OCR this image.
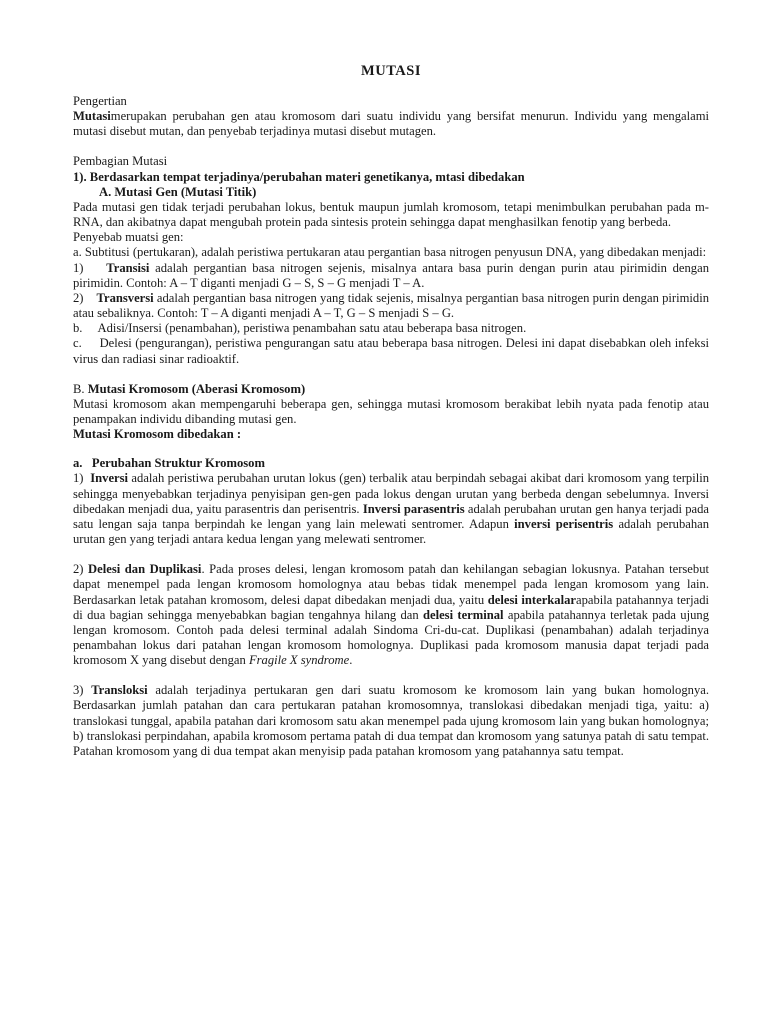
MUTASI

Pengertian

Mutasimerupakan perubahan gen atau kromosom dari suatu individu yang bersifat menurun. Individu yang mengalami mutasi disebut mutan, dan penyebab terjadinya mutasi disebut mutagen.

Pembagian Mutasi

1). Berdasarkan tempat terjadinya/perubahan materi genetikanya, mtasi dibedakan

A. Mutasi Gen (Mutasi Titik)

Pada mutasi gen tidak terjadi perubahan lokus, bentuk maupun jumlah kromosom, tetapi menimbulkan perubahan pada m-RNA, dan akibatnya dapat mengubah protein pada sintesis protein sehingga dapat menghasilkan fenotip yang berbeda.

Penyebab muatsi gen:

a. Subtitusi (pertukaran), adalah peristiwa pertukaran atau pergantian basa nitrogen penyusun DNA, yang dibedakan menjadi:

1)    Transisi adalah pergantian basa nitrogen sejenis, misalnya antara basa purin dengan purin atau pirimidin dengan pirimidin. Contoh: A – T diganti menjadi G – S, S – G menjadi T – A.

2)    Transversi adalah pergantian basa nitrogen yang tidak sejenis, misalnya pergantian basa nitrogen purin dengan pirimidin atau sebaliknya. Contoh: T – A diganti menjadi A – T, G – S menjadi S – G.

b.     Adisi/Insersi (penambahan), peristiwa penambahan satu atau beberapa basa nitrogen.

c.     Delesi (pengurangan), peristiwa pengurangan satu atau beberapa basa nitrogen. Delesi ini dapat disebabkan oleh infeksi virus dan radiasi sinar radioaktif.

B. Mutasi Kromosom (Aberasi Kromosom)

Mutasi kromosom akan mempengaruhi beberapa gen, sehingga mutasi kromosom berakibat lebih nyata pada fenotip atau penampakan individu dibanding mutasi gen.

Mutasi Kromosom dibedakan :

a.   Perubahan Struktur Kromosom

1)  Inversi adalah peristiwa perubahan urutan lokus (gen) terbalik atau berpindah sebagai akibat dari kromosom yang terpilin sehingga menyebabkan terjadinya penyisipan gen-gen pada lokus dengan urutan yang berbeda dengan sebelumnya. Inversi dibedakan menjadi dua, yaitu parasentris dan perisentris. Inversi parasentris adalah perubahan urutan gen hanya terjadi pada satu lengan saja tanpa berpindah ke lengan yang lain melewati sentromer. Adapun inversi perisentris adalah perubahan urutan gen yang terjadi antara kedua lengan yang melewati sentromer.

2) Delesi dan Duplikasi. Pada proses delesi, lengan kromosom patah dan kehilangan sebagian lokusnya. Patahan tersebut dapat menempel pada lengan kromosom homolognya atau bebas tidak menempel pada lengan kromosom yang lain. Berdasarkan letak patahan kromosom, delesi dapat dibedakan menjadi dua, yaitu delesi interkalarapabila patahannya terjadi di dua bagian sehingga menyebabkan bagian tengahnya hilang dan delesi terminal apabila patahannya terletak pada ujung lengan kromosom. Contoh pada delesi terminal adalah Sindoma Cri-du-cat. Duplikasi (penambahan) adalah terjadinya penambahan lokus dari patahan lengan kromosom homolognya. Duplikasi pada kromosom manusia dapat terjadi pada kromosom X yang disebut dengan Fragile X syndrome.

3) Transloksi adalah terjadinya pertukaran gen dari suatu kromosom ke kromosom lain yang bukan homolognya. Berdasarkan jumlah patahan dan cara pertukaran patahan kromosomnya, translokasi dibedakan menjadi tiga, yaitu: a) translokasi tunggal, apabila patahan dari kromosom satu akan menempel pada ujung kromosom lain yang bukan homolognya; b) translokasi perpindahan, apabila kromosom pertama patah di dua tempat dan kromosom yang satunya patah di satu tempat. Patahan kromosom yang di dua tempat akan menyisip pada patahan kromosom yang patahannya satu tempat.
